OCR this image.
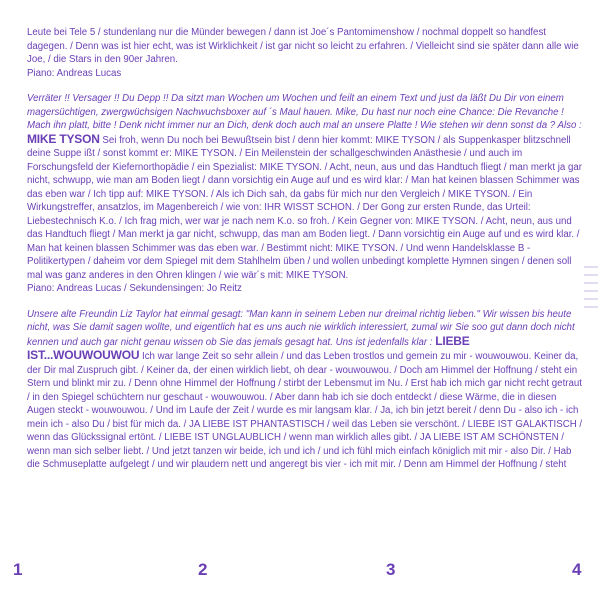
Leute bei Tele 5 / stundenlang nur die Münder bewegen / dann ist Joe´s Pantomimenshow / nochmal doppelt so handfest dagegen. / Denn was ist hier echt, was ist Wirklichkeit / ist gar nicht so leicht zu erfahren. / Vielleicht sind sie später dann alle wie Joe, / die Stars in den 90er Jahren.

Piano: Andreas Lucas

Verräter !! Versager !! Du Depp !! Da sitzt man Wochen um Wochen und feilt an einem Text und just da läßt Du Dir von einem magersüchtigen, zwergwüchsigen Nachwuchsboxer auf ´s Maul hauen. Mike, Du hast nur noch eine Chance: Die Revanche ! Mach ihn platt, bitte ! Denk nicht immer nur an Dich, denk doch auch mal an unsere Platte ! Wie stehen wir denn sonst da ? Also : MIKE TYSON Sei froh, wenn Du noch bei Bewußtsein bist / denn hier kommt: MIKE TYSON / als Suppenkasper blitzschnell deine Suppe ißt / sonst kommt er: MIKE TYSON. / Ein Meilenstein der schallgeschwinden Anästhesie / und auch im Forschungsfeld der Kiefernorthopädie / ein Spezialist: MIKE TYSON. / Acht, neun, aus und das Handtuch fliegt / man merkt ja gar nicht, schwupp, wie man am Boden liegt / dann vorsichtig ein Auge auf und es wird klar: / Man hat keinen blassen Schimmer was das eben war / Ich tipp auf: MIKE TYSON. / Als ich Dich sah, da gabs für mich nur den Vergleich / MIKE TYSON. / Ein Wirkungstreffer, ansatzlos, im Magenbereich / wie von: IHR WISST SCHON. / Der Gong zur ersten Runde, das Urteil: Liebestechnisch K.o. / Ich frag mich, wer war je nach nem K.o. so froh. / Kein Gegner von: MIKE TYSON. / Acht, neun, aus und das Handtuch fliegt / Man merkt ja gar nicht, schwupp, das man am Boden liegt. / Dann vorsichtig ein Auge auf und es wird klar. / Man hat keinen blassen Schimmer was das eben war. / Bestimmt nicht: MIKE TYSON. / Und wenn Handelsklasse B - Politikertypen / daheim vor dem Spiegel mit dem Stahlhelm üben / und wollen unbedingt komplette Hymnen singen / denen soll mal was ganz anderes in den Ohren klingen / wie wär´s mit: MIKE TYSON.

Piano: Andreas Lucas / Sekundensingen: Jo Reitz

Unsere alte Freundin Liz Taylor hat einmal gesagt: "Man kann in seinem Leben nur dreimal richtig lieben." Wir wissen bis heute nicht, was Sie damit sagen wollte, und eigentlich hat es uns auch nie wirklich interessiert, zumal wir Sie soo gut dann doch nicht kennen und auch gar nicht genau wissen ob Sie das jemals gesagt hat. Uns ist jedenfalls klar : LIEBE IST...WOUWOUWOU Ich war lange Zeit so sehr allein / und das Leben trostlos und gemein zu mir - wouwouwou. Keiner da, der Dir mal Zuspruch gibt. / Keiner da, der einen wirklich liebt, oh dear - wouwouwou. / Doch am Himmel der Hoffnung / steht ein Stern und blinkt mir zu. / Denn ohne Himmel der Hoffnung / stirbt der Lebensmut im Nu. / Erst hab ich mich gar nicht recht getraut / in den Spiegel schüchtern nur geschaut - wouwouwou. / Aber dann hab ich sie doch entdeckt / diese Wärme, die in diesen Augen steckt - wouwouwou. / Und im Laufe der Zeit / wurde es mir langsam klar. / Ja, ich bin jetzt bereit / denn Du - also ich - ich mein ich - also Du / bist für mich da. / JA LIEBE IST PHANTASTISCH / weil das Leben sie verschönt. / LIEBE IST GALAKTISCH / wenn das Glückssignal ertönt. / LIEBE IST UNGLAUBLICH / wenn man wirklich alles gibt. / JA LIEBE IST AM SCHÖNSTEN / wenn man sich selber liebt. / Und jetzt tanzen wir beide, ich und ich / und ich fühl mich einfach königlich mit mir - also Dir. / Hab die Schmuseplatte aufgelegt / und wir plaudern nett und angeregt bis vier - ich mit mir. / Denn am Himmel der Hoffnung / steht

1	2	3	4
